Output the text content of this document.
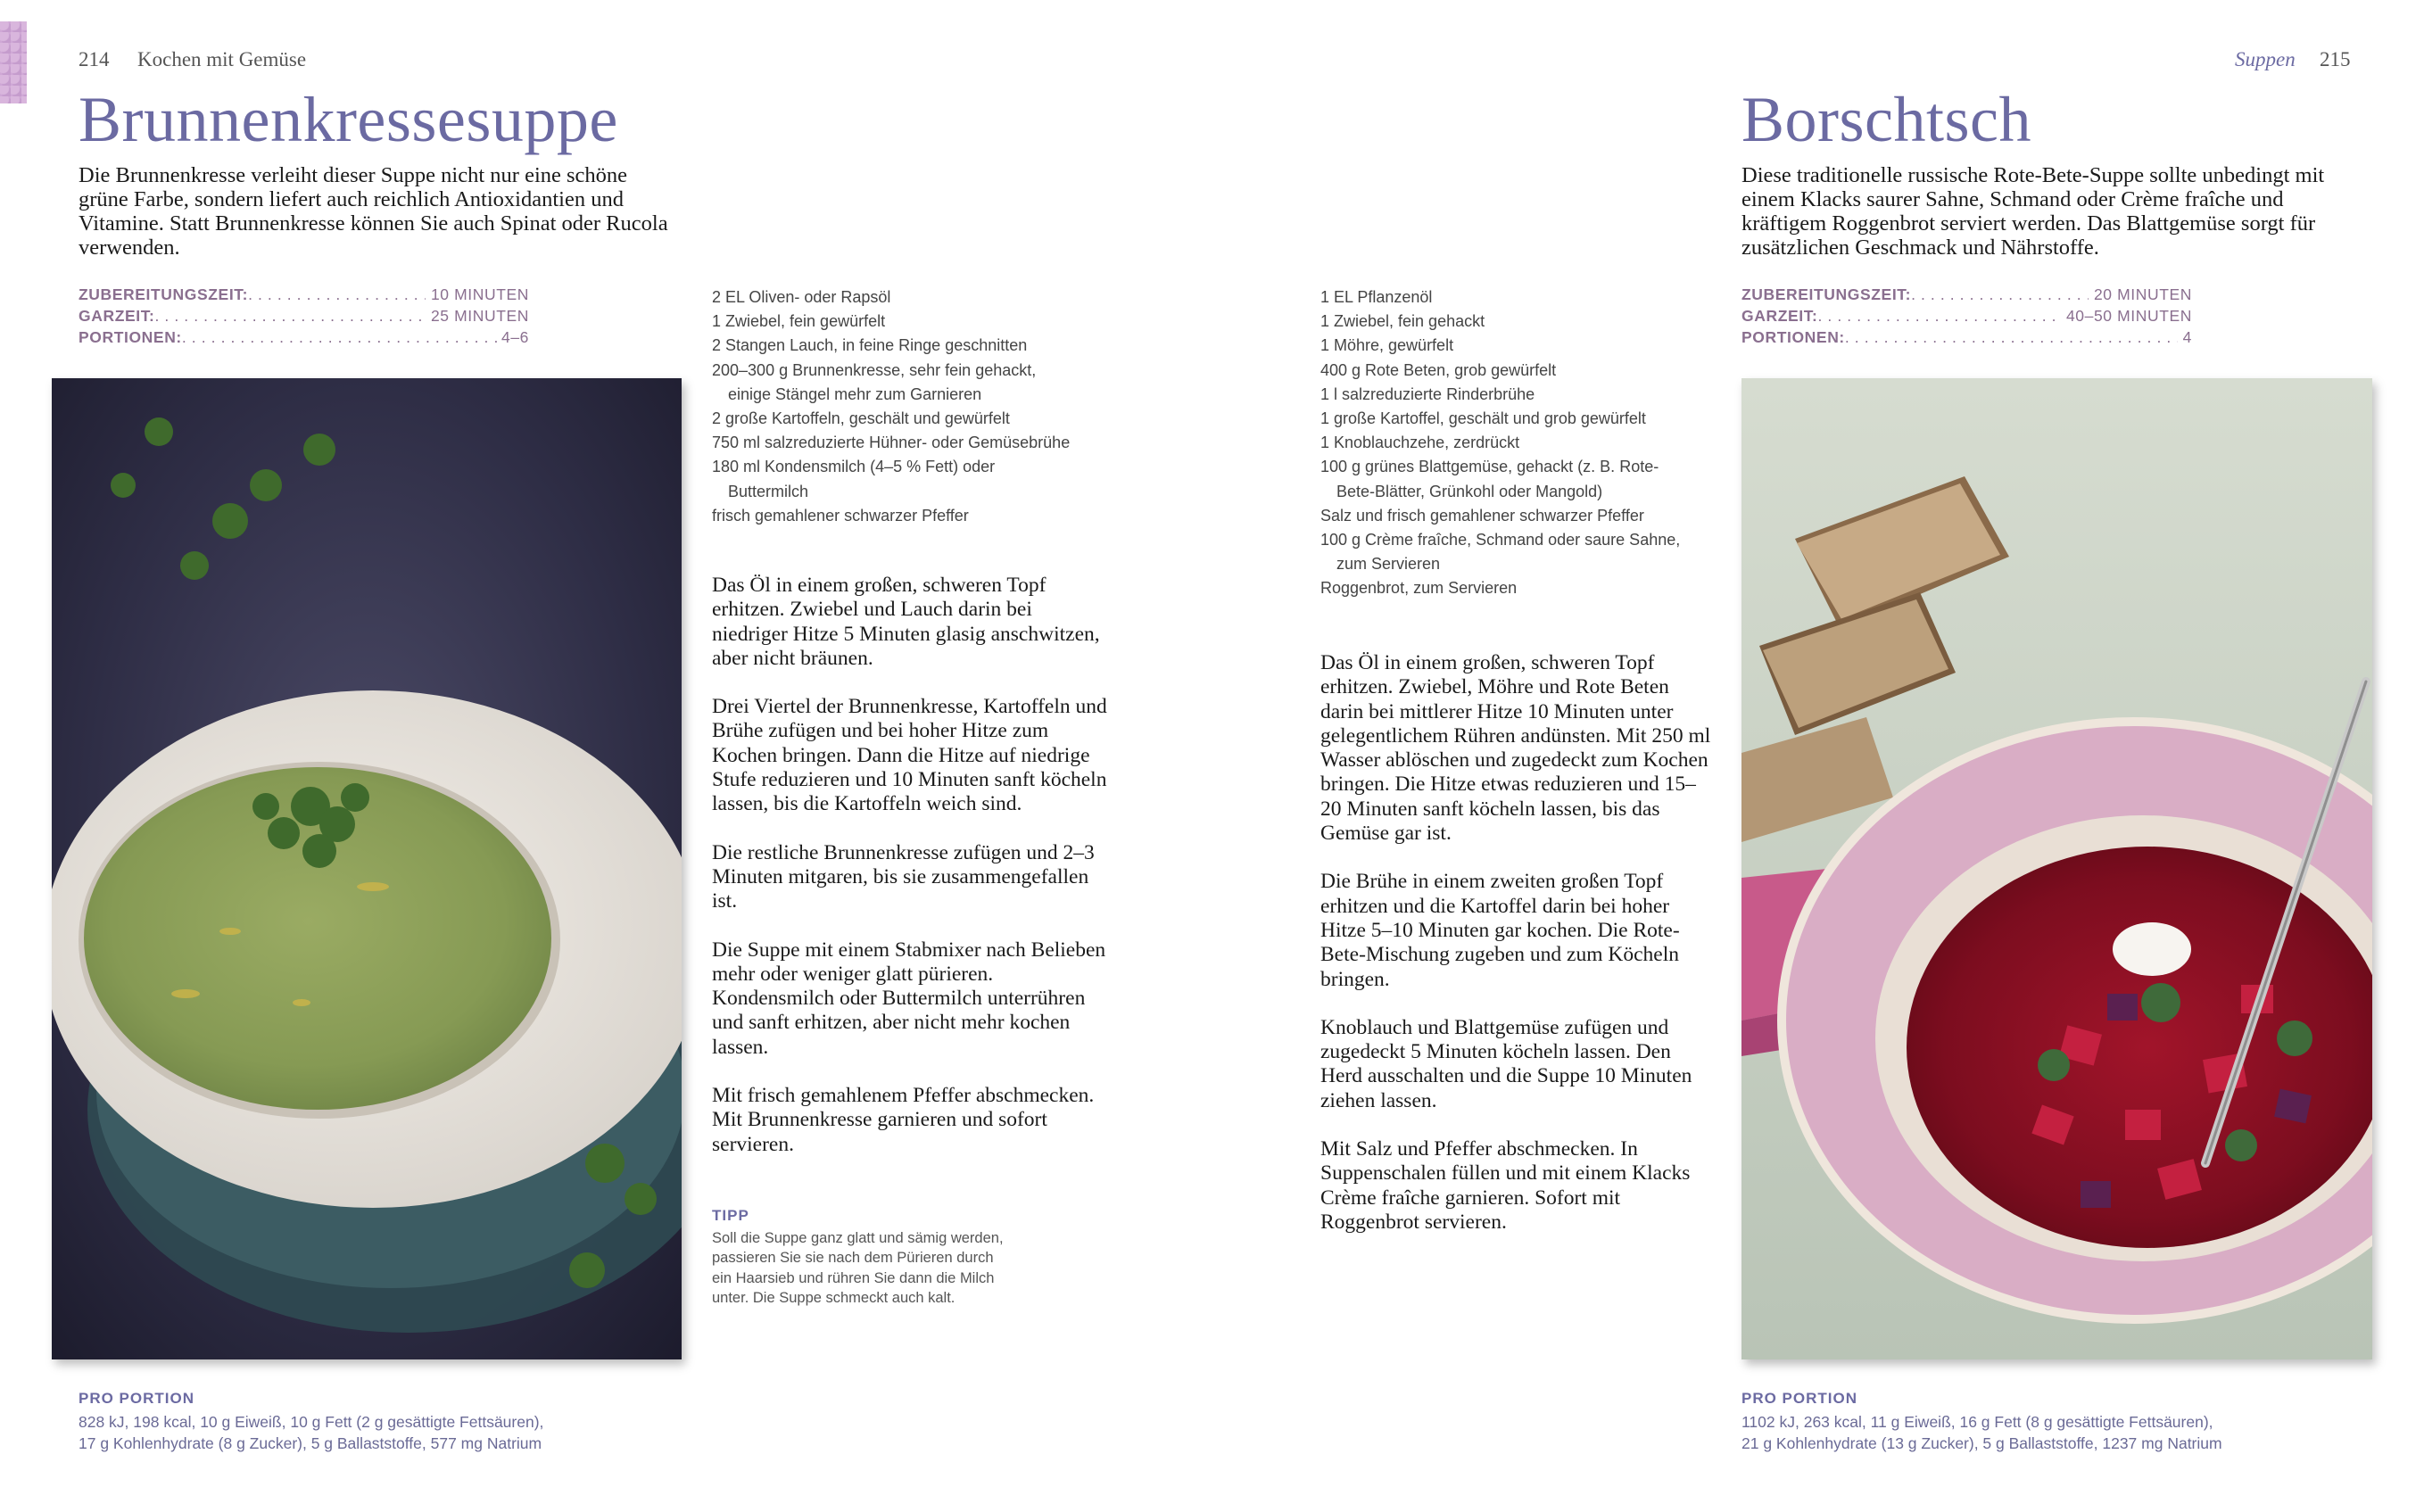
214 Kochen mit Gemüse
Brunnenkressesuppe
Die Brunnenkresse verleiht dieser Suppe nicht nur eine schöne grüne Farbe, sondern liefert auch reichlich Antioxidantien und Vitamine. Statt Brunnenkresse können Sie auch Spinat oder Rucola verwenden.
ZUBEREITUNGSZEIT: . . .
	10 MINUTEN
GARZEIT: . . .
	25 MINUTEN
PORTIONEN: . . .
	4–6
2 EL Oliven- oder Rapsöl
1 Zwiebel, fein gewürfelt
2 Stangen Lauch, in feine Ringe geschnitten
200–300 g Brunnenkresse, sehr fein gehackt,
einige Stängel mehr zum Garnieren
2 große Kartoffeln, geschält und gewürfelt
750 ml salzreduzierte Hühner- oder Gemüsebrühe
180 ml Kondensmilch (4–5 % Fett) oder
Buttermilch
frisch gemahlener schwarzer Pfeffer

Das Öl in einem großen, schweren Topf erhitzen. Zwiebel und Lauch darin bei niedriger Hitze 5 Minuten glasig anschwitzen, aber nicht bräunen.

Drei Viertel der Brunnenkresse, Kartoffeln und Brühe zufügen und bei hoher Hitze zum Kochen bringen. Dann die Hitze auf niedrige Stufe reduzieren und 10 Minuten sanft köcheln lassen, bis die Kartoffeln weich sind.

Die restliche Brunnenkresse zufügen und 2–3 Minuten mitgaren, bis sie zusammengefallen ist.

Die Suppe mit einem Stabmixer nach Belieben mehr oder weniger glatt pürieren. Kondensmilch oder Buttermilch unterrühren und sanft erhitzen, aber nicht mehr kochen lassen.

Mit frisch gemahlenem Pfeffer abschmecken. Mit Brunnenkresse garnieren und sofort servieren.

TIPP
Soll die Suppe ganz glatt und sämig werden, passieren Sie sie nach dem Pürieren durch ein Haarsieb und rühren Sie dann die Milch unter. Die Suppe schmeckt auch kalt.
PRO PORTION
828 kJ, 198 kcal, 10 g Eiweiß, 10 g Fett (2 g gesättigte Fettsäuren),
17 g Kohlenhydrate (8 g Zucker), 5 g Ballaststoffe, 577 mg Natrium
Suppen 215
Borschtsch
Diese traditionelle russische Rote-Bete-Suppe sollte unbedingt mit einem Klacks saurer Sahne, Schmand oder Crème fraîche und kräftigem Roggenbrot serviert werden. Das Blattgemüse sorgt für zusätzlichen Geschmack und Nährstoffe.
ZUBEREITUNGSZEIT: . . .
	20 MINUTEN
GARZEIT: . . .
	40–50 MINUTEN
PORTIONEN: . . .
	4
1 EL Pflanzenöl
1 Zwiebel, fein gehackt
1 Möhre, gewürfelt
400 g Rote Beten, grob gewürfelt
1 l salzreduzierte Rinderbrühe
1 große Kartoffel, geschält und grob gewürfelt
1 Knoblauchzehe, zerdrückt
100 g grünes Blattgemüse, gehackt (z. B. Rote-
Bete-Blätter, Grünkohl oder Mangold)
Salz und frisch gemahlener schwarzer Pfeffer
100 g Crème fraîche, Schmand oder saure Sahne,
zum Servieren
Roggenbrot, zum Servieren

Das Öl in einem großen, schweren Topf erhitzen. Zwiebel, Möhre und Rote Beten darin bei mittlerer Hitze 10 Minuten unter gelegentlichem Rühren andünsten. Mit 250 ml Wasser ablöschen und zugedeckt zum Kochen bringen. Die Hitze etwas reduzieren und 15–20 Minuten sanft köcheln lassen, bis das Gemüse gar ist.

Die Brühe in einem zweiten großen Topf erhitzen und die Kartoffel darin bei hoher Hitze 5–10 Minuten gar kochen. Die Rote-Bete-Mischung zugeben und zum Köcheln bringen.

Knoblauch und Blattgemüse zufügen und zugedeckt 5 Minuten köcheln lassen. Den Herd ausschalten und die Suppe 10 Minuten ziehen lassen.

Mit Salz und Pfeffer abschmecken. In Suppenschalen füllen und mit einem Klacks Crème fraîche garnieren. Sofort mit Roggenbrot servieren.

PRO PORTION
1102 kJ, 263 kcal, 11 g Eiweiß, 16 g Fett (8 g gesättigte Fettsäuren),
21 g Kohlenhydrate (13 g Zucker), 5 g Ballaststoffe, 1237 mg Natrium
